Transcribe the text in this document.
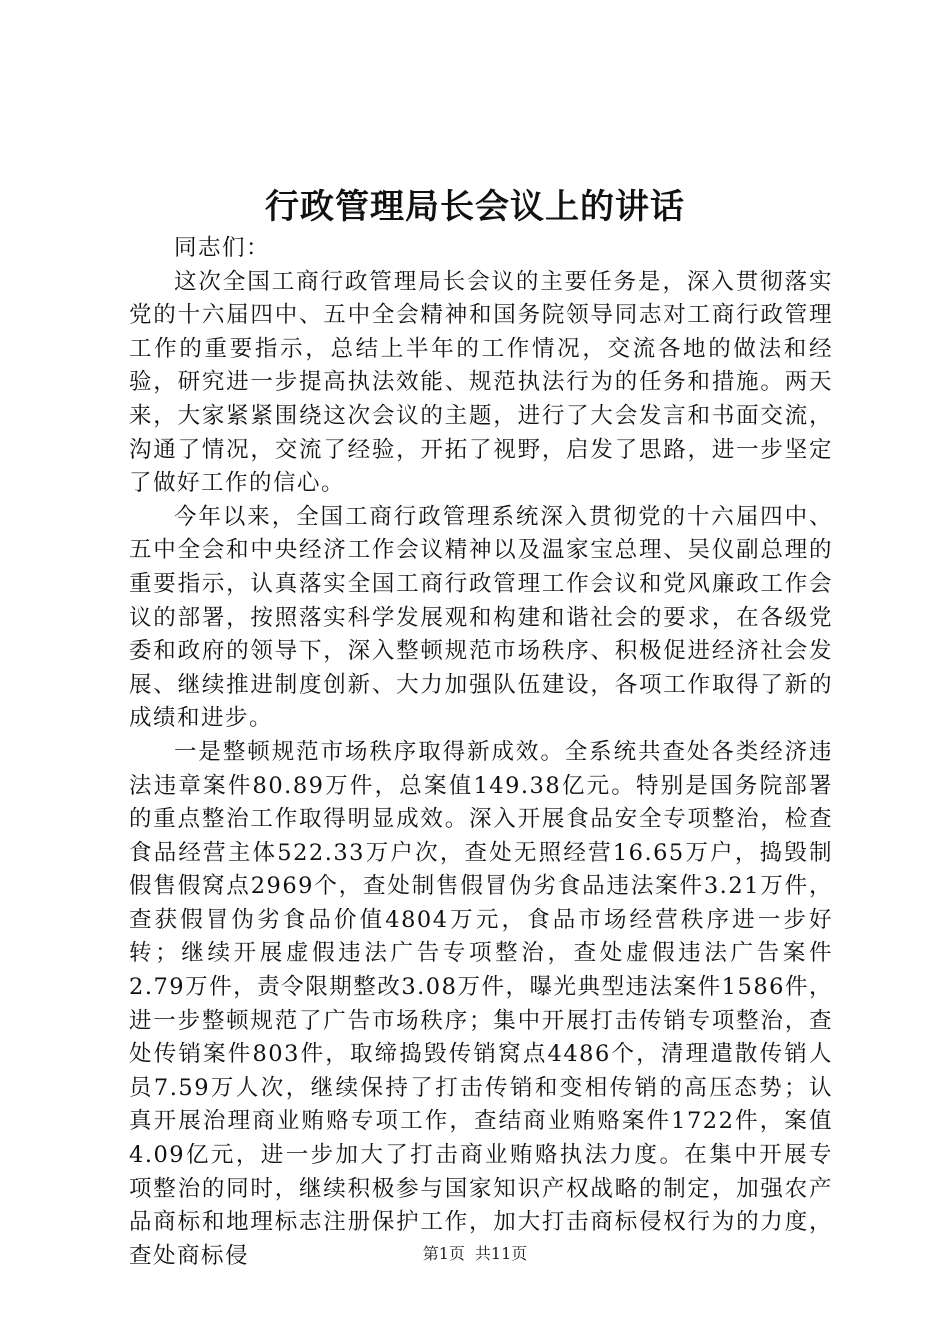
行政管理局长会议上的讲话

同志们：

这次全国工商行政管理局长会议的主要任务是，深入贯彻落实党的十六届四中、五中全会精神和国务院领导同志对工商行政管理工作的重要指示，总结上半年的工作情况，交流各地的做法和经验，研究进一步提高执法效能、规范执法行为的任务和措施。两天来，大家紧紧围绕这次会议的主题，进行了大会发言和书面交流，沟通了情况，交流了经验，开拓了视野，启发了思路，进一步坚定了做好工作的信心。

今年以来，全国工商行政管理系统深入贯彻党的十六届四中、五中全会和中央经济工作会议精神以及温家宝总理、吴仪副总理的重要指示，认真落实全国工商行政管理工作会议和党风廉政工作会议的部署，按照落实科学发展观和构建和谐社会的要求，在各级党委和政府的领导下，深入整顿规范市场秩序、积极促进经济社会发展、继续推进制度创新、大力加强队伍建设，各项工作取得了新的成绩和进步。

一是整顿规范市场秩序取得新成效。全系统共查处各类经济违法违章案件80.89万件，总案值149.38亿元。特别是国务院部署的重点整治工作取得明显成效。深入开展食品安全专项整治，检查食品经营主体522.33万户次，查处无照经营16.65万户，捣毁制假售假窝点2969个，查处制售假冒伪劣食品违法案件3.21万件，查获假冒伪劣食品价值4804万元，食品市场经营秩序进一步好转；继续开展虚假违法广告专项整治，查处虚假违法广告案件2.79万件，责令限期整改3.08万件，曝光典型违法案件1586件，进一步整顿规范了广告市场秩序；集中开展打击传销专项整治，查处传销案件803件，取缔捣毁传销窝点4486个，清理遣散传销人员7.59万人次，继续保持了打击传销和变相传销的高压态势；认真开展治理商业贿赂专项工作，查结商业贿赂案件1722件，案值4.09亿元，进一步加大了打击商业贿赂执法力度。在集中开展专项整治的同时，继续积极参与国家知识产权战略的制定，加强农产品商标和地理标志注册保护工作，加大打击商标侵权行为的力度，查处商标侵	第1页 共11页
